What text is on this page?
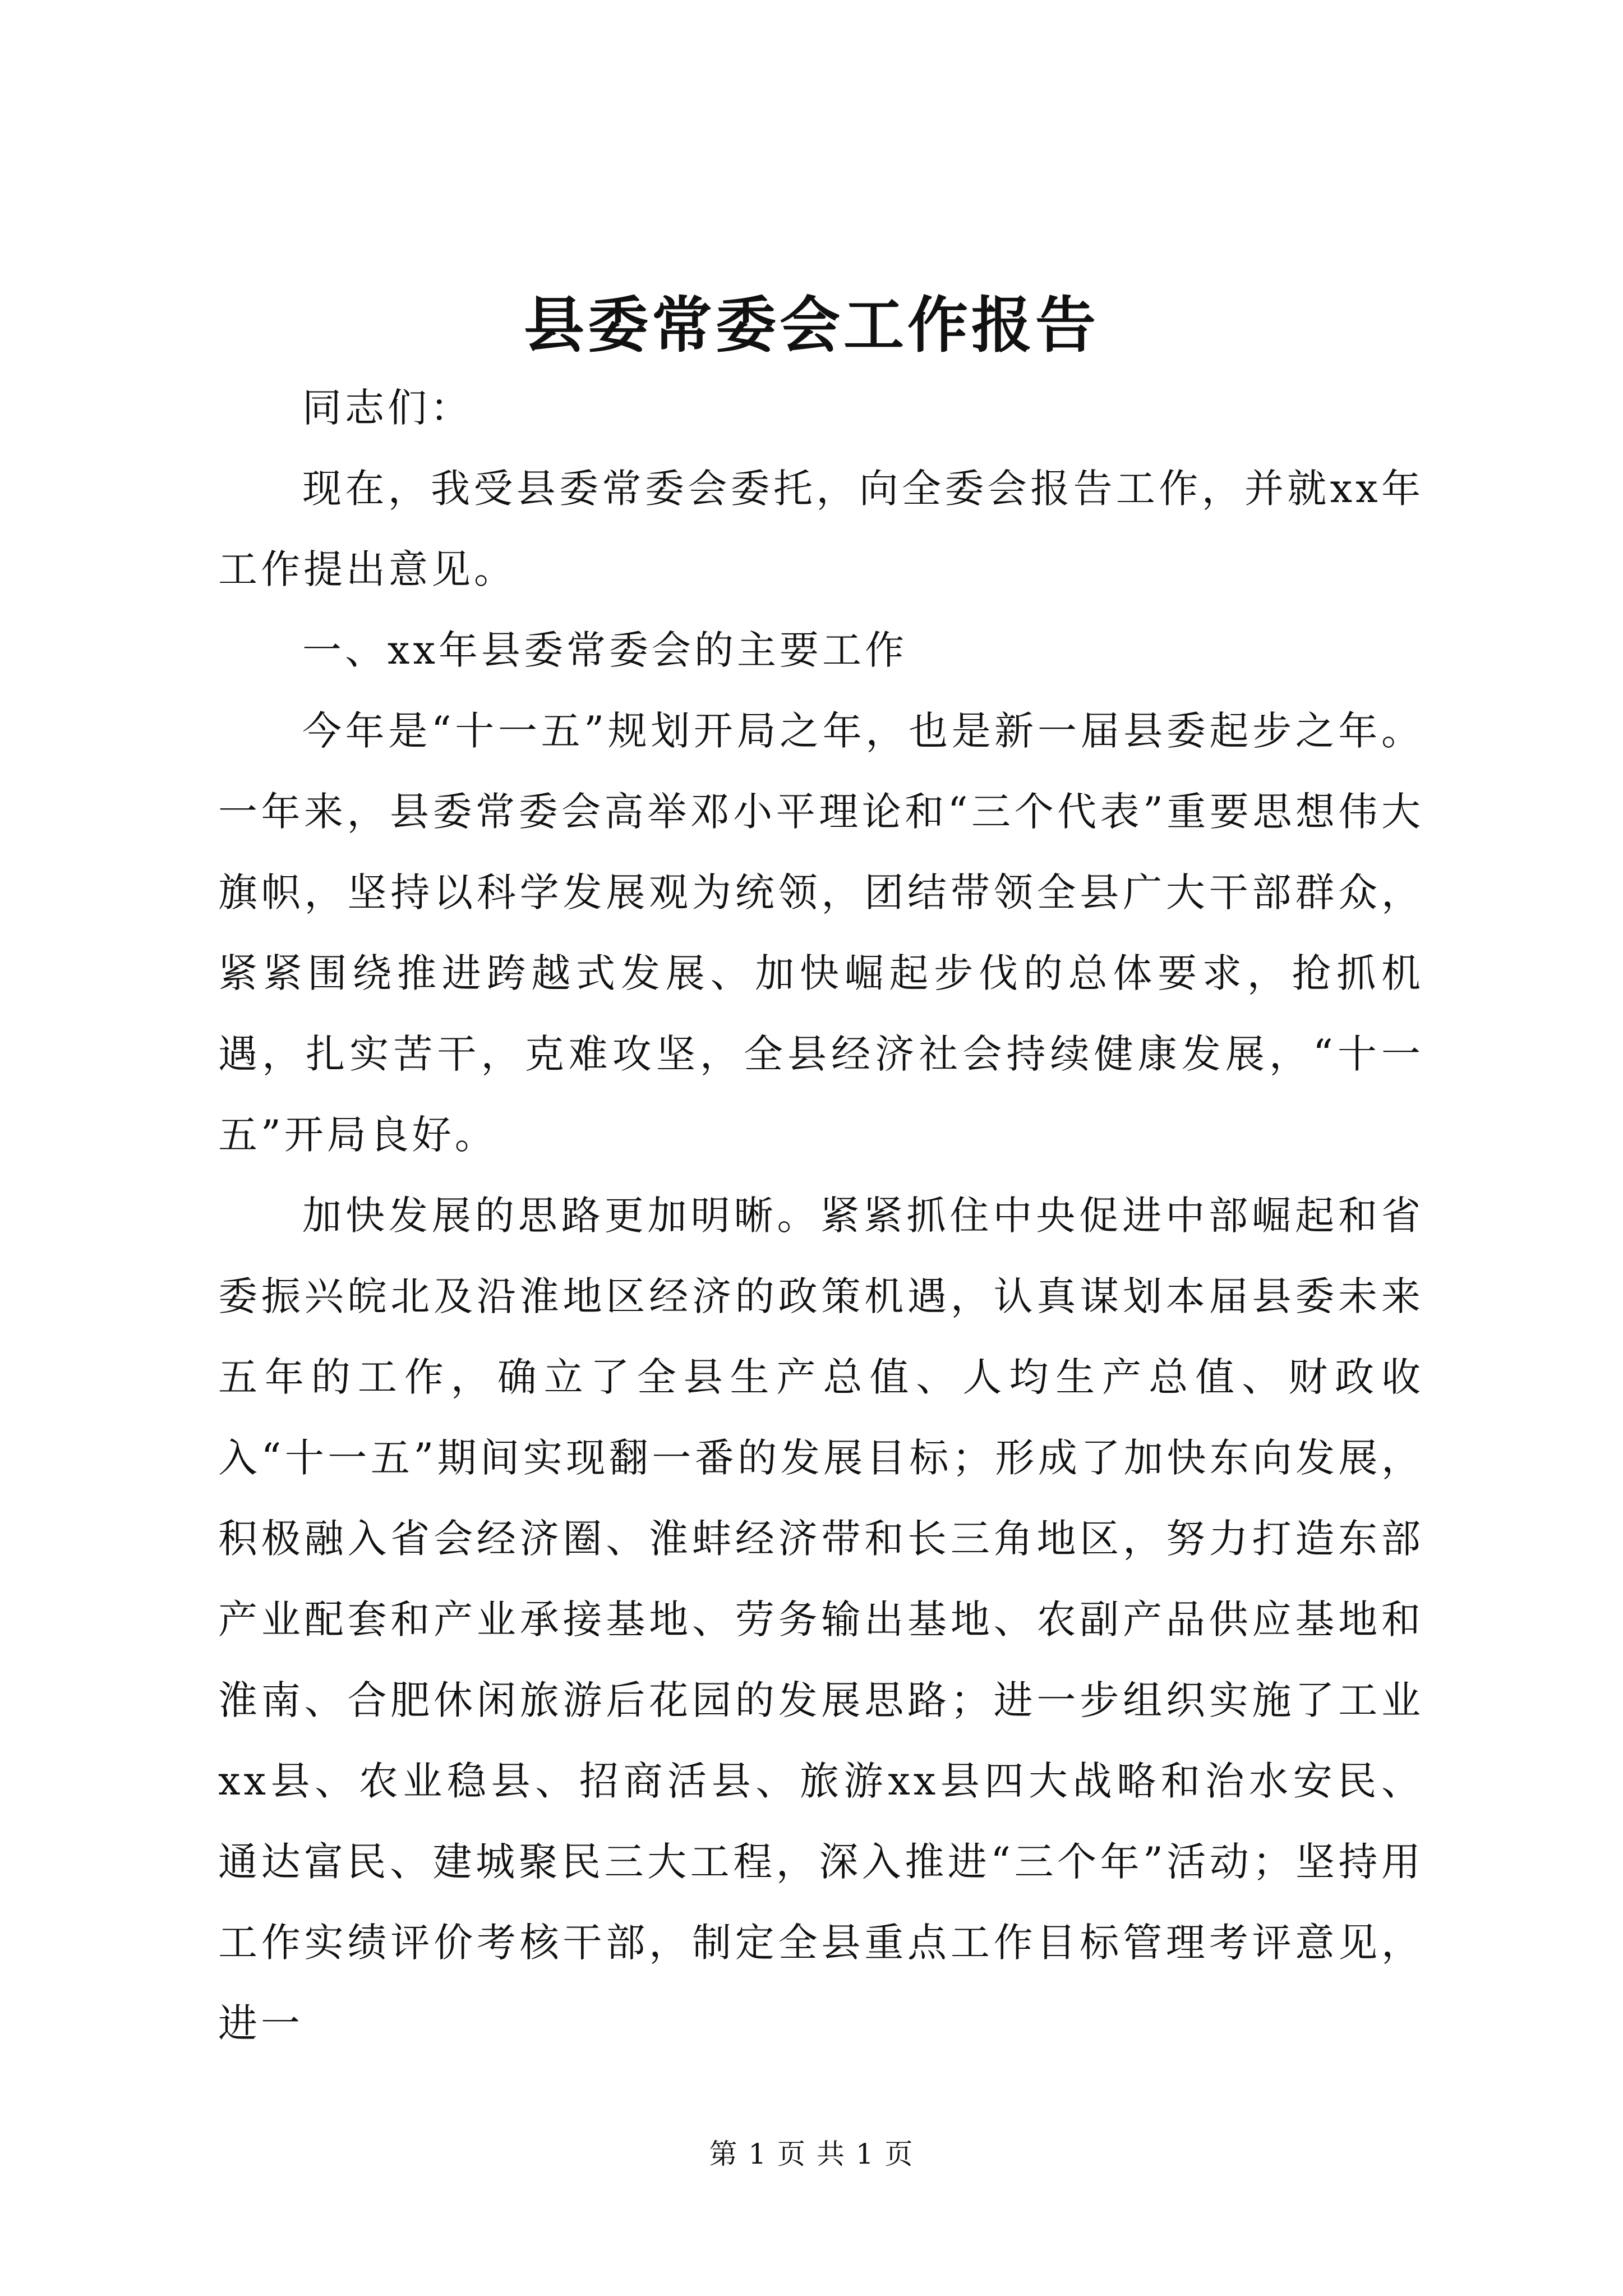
县委常委会工作报告

同志们：

现在，我受县委常委会委托，向全委会报告工作，并就xx年工作提出意见。

一、xx年县委常委会的主要工作

今年是“十一五”规划开局之年，也是新一届县委起步之年。一年来，县委常委会高举邓小平理论和“三个代表”重要思想伟大旗帜，坚持以科学发展观为统领，团结带领全县广大干部群众，紧紧围绕推进跨越式发展、加快崛起步伐的总体要求，抢抓机遇，扎实苦干，克难攻坚，全县经济社会持续健康发展，“十一五”开局良好。

加快发展的思路更加明晰。紧紧抓住中央促进中部崛起和省委振兴皖北及沿淮地区经济的政策机遇，认真谋划本届县委未来五年的工作，确立了全县生产总值、人均生产总值、财政收入“十一五”期间实现翻一番的发展目标；形成了加快东向发展，积极融入省会经济圈、淮蚌经济带和长三角地区，努力打造东部产业配套和产业承接基地、劳务输出基地、农副产品供应基地和淮南、合肥休闲旅游后花园的发展思路；进一步组织实施了工业xx县、农业稳县、招商活县、旅游xx县四大战略和治水安民、通达富民、建城聚民三大工程，深入推进“三个年”活动；坚持用工作实绩评价考核干部，制定全县重点工作目标管理考评意见，进一

第 1 页 共 1 页
